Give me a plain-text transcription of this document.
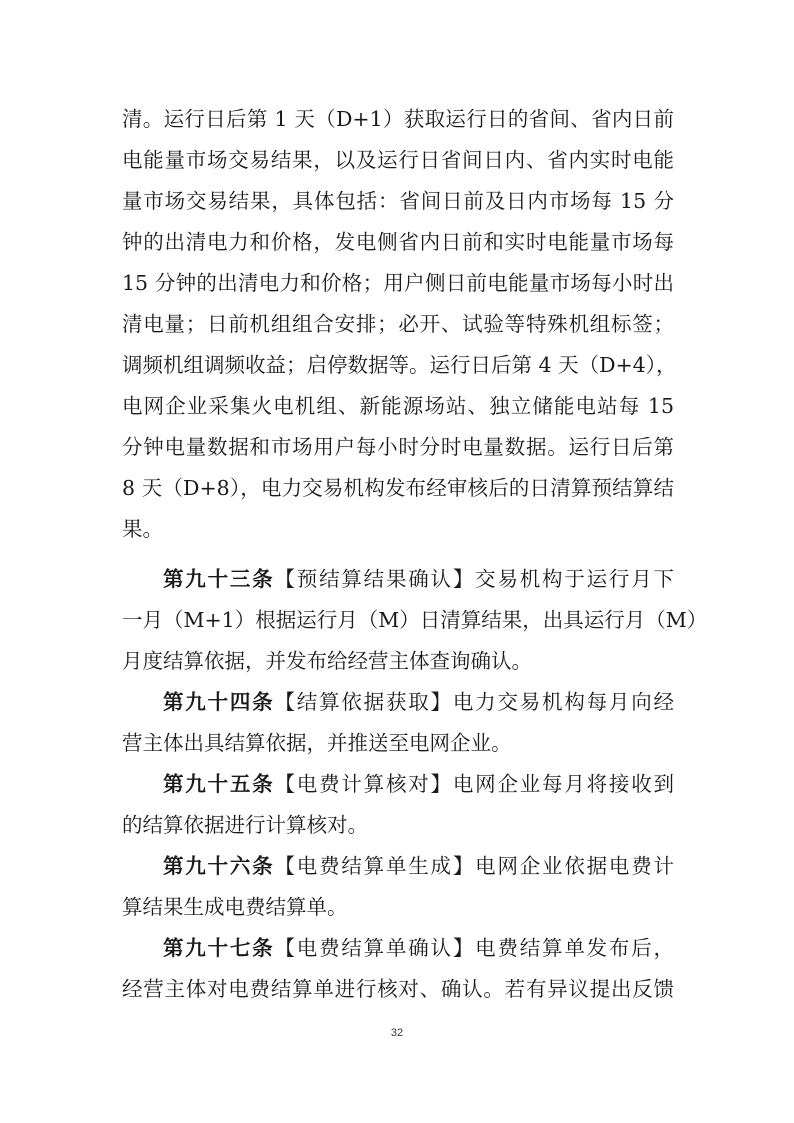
清。运行日后第 1 天（D+1）获取运行日的省间、省内日前
电能量市场交易结果，以及运行日省间日内、省内实时电能
量市场交易结果，具体包括：省间日前及日内市场每 15 分
钟的出清电力和价格，发电侧省内日前和实时电能量市场每
15 分钟的出清电力和价格；用户侧日前电能量市场每小时出
清电量；日前机组组合安排；必开、试验等特殊机组标签；
调频机组调频收益；启停数据等。运行日后第 4 天（D+4），
电网企业采集火电机组、新能源场站、独立储能电站每 15
分钟电量数据和市场用户每小时分时电量数据。运行日后第
8 天（D+8），电力交易机构发布经审核后的日清算预结算结
果。
第九十三条【预结算结果确认】交易机构于运行月下
一月（M+1）根据运行月（M）日清算结果，出具运行月（M）
月度结算依据，并发布给经营主体查询确认。
第九十四条【结算依据获取】电力交易机构每月向经
营主体出具结算依据，并推送至电网企业。
第九十五条【电费计算核对】电网企业每月将接收到
的结算依据进行计算核对。
第九十六条【电费结算单生成】电网企业依据电费计
算结果生成电费结算单。
第九十七条【电费结算单确认】电费结算单发布后，
经营主体对电费结算单进行核对、确认。若有异议提出反馈
32
